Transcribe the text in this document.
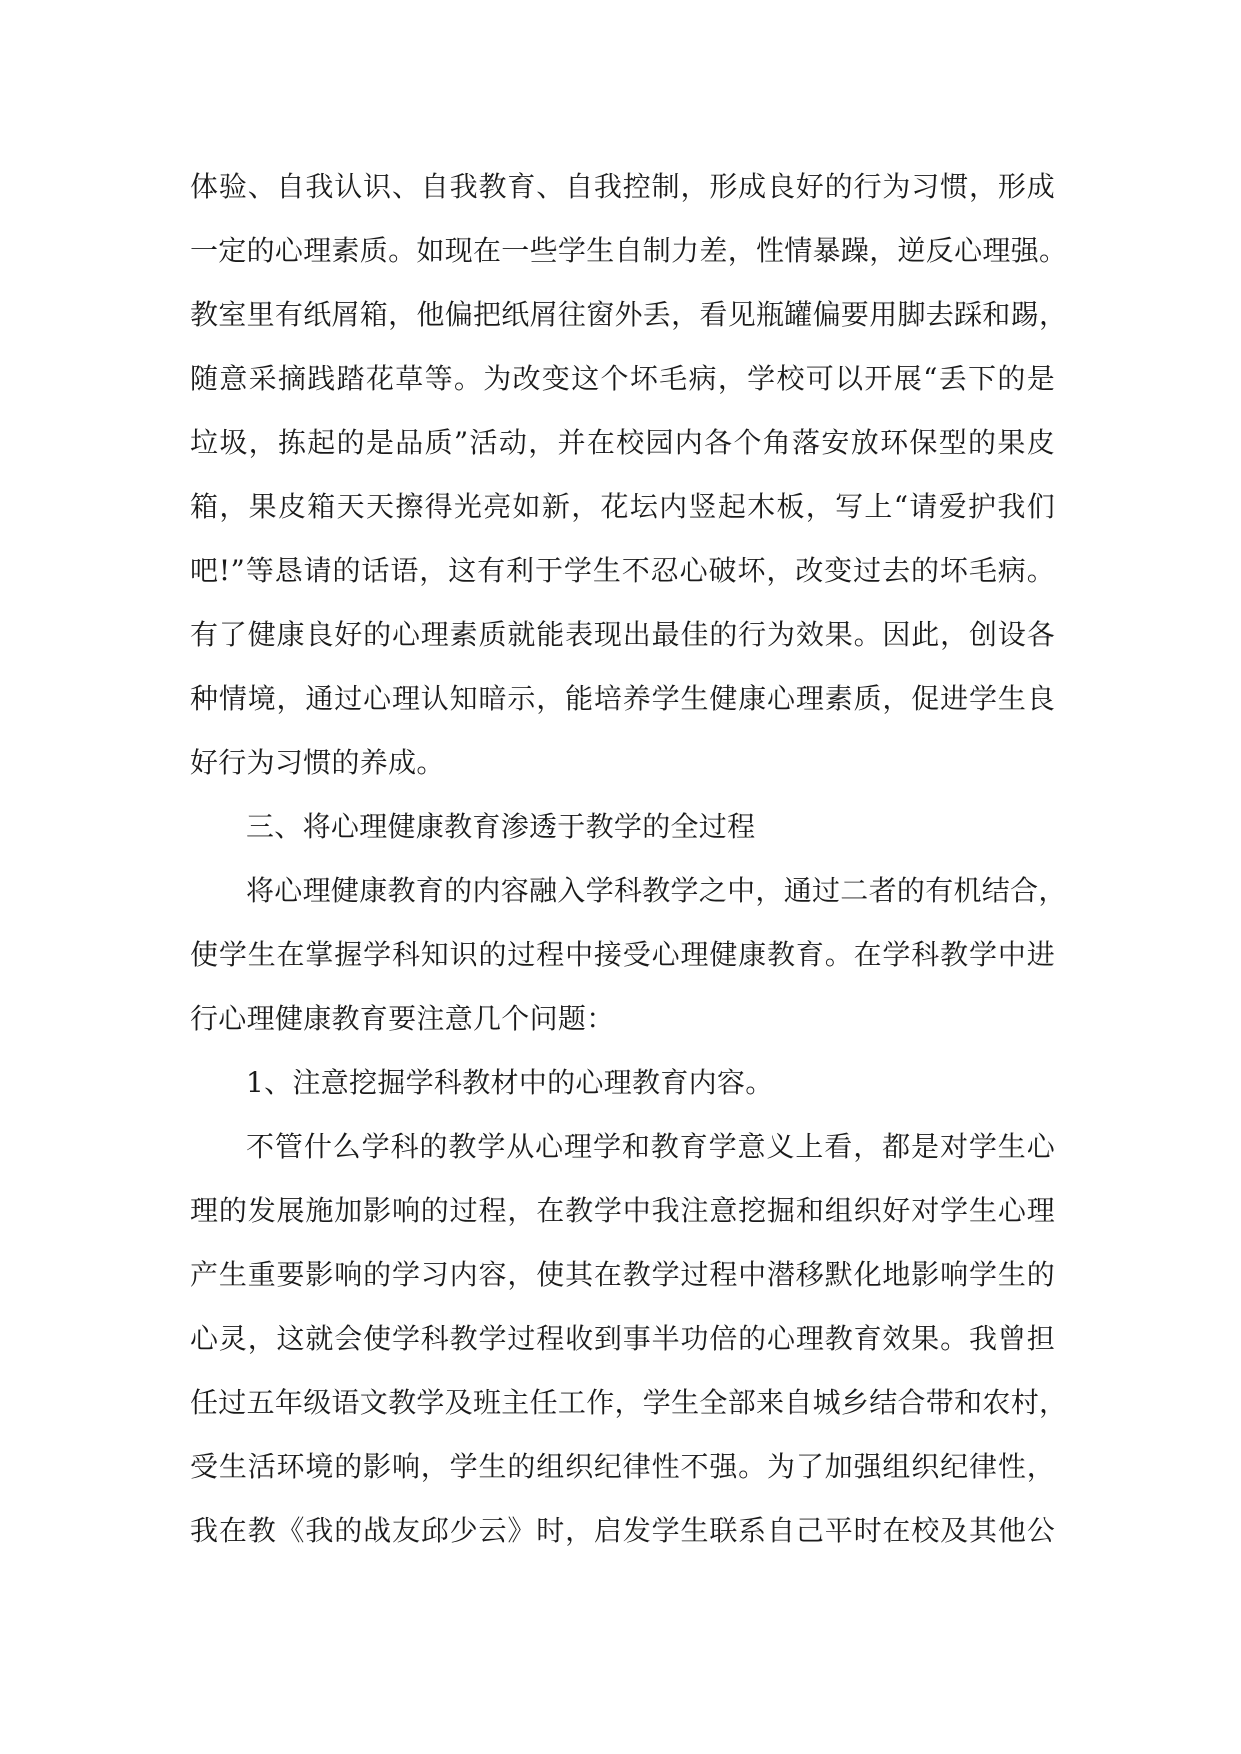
体验、自我认识、自我教育、自我控制，形成良好的行为习惯，形成
一定的心理素质。如现在一些学生自制力差，性情暴躁，逆反心理强。
教室里有纸屑箱，他偏把纸屑往窗外丢，看见瓶罐偏要用脚去踩和踢，
随意采摘践踏花草等。为改变这个坏毛病，学校可以开展“丢下的是
垃圾，拣起的是品质”活动，并在校园内各个角落安放环保型的果皮
箱，果皮箱天天擦得光亮如新，花坛内竖起木板，写上“请爱护我们
吧!”等恳请的话语，这有利于学生不忍心破坏，改变过去的坏毛病。
有了健康良好的心理素质就能表现出最佳的行为效果。因此，创设各
种情境，通过心理认知暗示，能培养学生健康心理素质，促进学生良
好行为习惯的养成。
三、将心理健康教育渗透于教学的全过程
将心理健康教育的内容融入学科教学之中，通过二者的有机结合，
使学生在掌握学科知识的过程中接受心理健康教育。在学科教学中进
行心理健康教育要注意几个问题：
1、注意挖掘学科教材中的心理教育内容。
不管什么学科的教学从心理学和教育学意义上看，都是对学生心
理的发展施加影响的过程，在教学中我注意挖掘和组织好对学生心理
产生重要影响的学习内容，使其在教学过程中潜移默化地影响学生的
心灵，这就会使学科教学过程收到事半功倍的心理教育效果。我曾担
任过五年级语文教学及班主任工作，学生全部来自城乡结合带和农村，
受生活环境的影响，学生的组织纪律性不强。为了加强组织纪律性，
我在教《我的战友邱少云》时，启发学生联系自己平时在校及其他公
